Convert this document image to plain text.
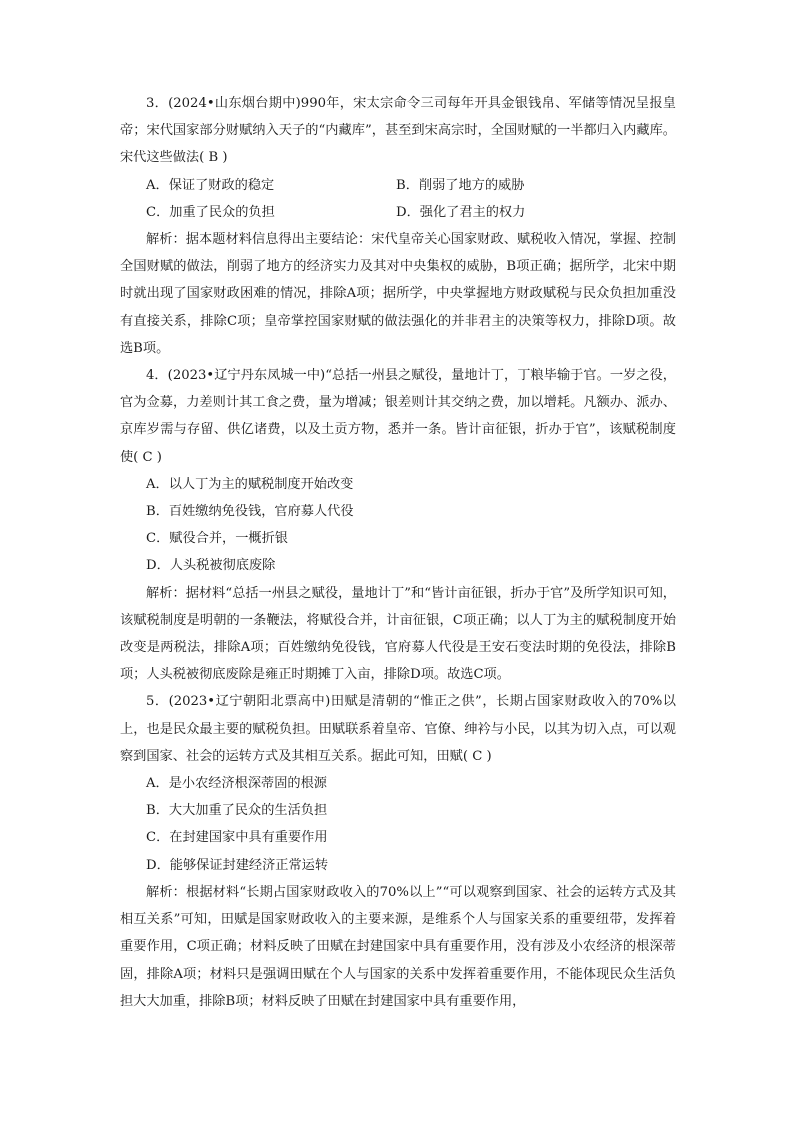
3．(2024•山东烟台期中)990年，宋太宗命令三司每年开具金银钱帛、军储等情况呈报皇帝；宋代国家部分财赋纳入天子的“内藏库”，甚至到宋高宗时，全国财赋的一半都归入内藏库。宋代这些做法( B )

A．保证了财政的稳定	B．削弱了地方的威胁
C．加重了民众的负担	D．强化了君主的权力

解析：据本题材料信息得出主要结论：宋代皇帝关心国家财政、赋税收入情况，掌握、控制全国财赋的做法，削弱了地方的经济实力及其对中央集权的威胁，B项正确；据所学，北宋中期时就出现了国家财政困难的情况，排除A项；据所学，中央掌握地方财政赋税与民众负担加重没有直接关系，排除C项；皇帝掌控国家财赋的做法强化的并非君主的决策等权力，排除D项。故选B项。

4．(2023•辽宁丹东凤城一中)“总括一州县之赋役，量地计丁，丁粮毕输于官。一岁之役，官为佥募，力差则计其工食之费，量为增减；银差则计其交纳之费，加以增耗。凡额办、派办、京库岁需与存留、供亿诸费，以及土贡方物，悉并一条。皆计亩征银，折办于官”，该赋税制度使( C )

A．以人丁为主的赋税制度开始改变

B．百姓缴纳免役钱，官府募人代役

C．赋役合并，一概折银

D．人头税被彻底废除

解析：据材料“总括一州县之赋役，量地计丁”和“皆计亩征银，折办于官”及所学知识可知，该赋税制度是明朝的一条鞭法，将赋役合并，计亩征银，C项正确；以人丁为主的赋税制度开始改变是两税法，排除A项；百姓缴纳免役钱，官府募人代役是王安石变法时期的免役法，排除B项；人头税被彻底废除是雍正时期摊丁入亩，排除D项。故选C项。

5．(2023•辽宁朝阳北票高中)田赋是清朝的“惟正之供”，长期占国家财政收入的70%以上，也是民众最主要的赋税负担。田赋联系着皇帝、官僚、绅衿与小民，以其为切入点，可以观察到国家、社会的运转方式及其相互关系。据此可知，田赋( C )

A．是小农经济根深蒂固的根源

B．大大加重了民众的生活负担

C．在封建国家中具有重要作用

D．能够保证封建经济正常运转

解析：根据材料“长期占国家财政收入的70%以上”“可以观察到国家、社会的运转方式及其相互关系”可知，田赋是国家财政收入的主要来源，是维系个人与国家关系的重要纽带，发挥着重要作用，C项正确；材料反映了田赋在封建国家中具有重要作用，没有涉及小农经济的根深蒂固，排除A项；材料只是强调田赋在个人与国家的关系中发挥着重要作用，不能体现民众生活负担大大加重，排除B项；材料反映了田赋在封建国家中具有重要作用，
